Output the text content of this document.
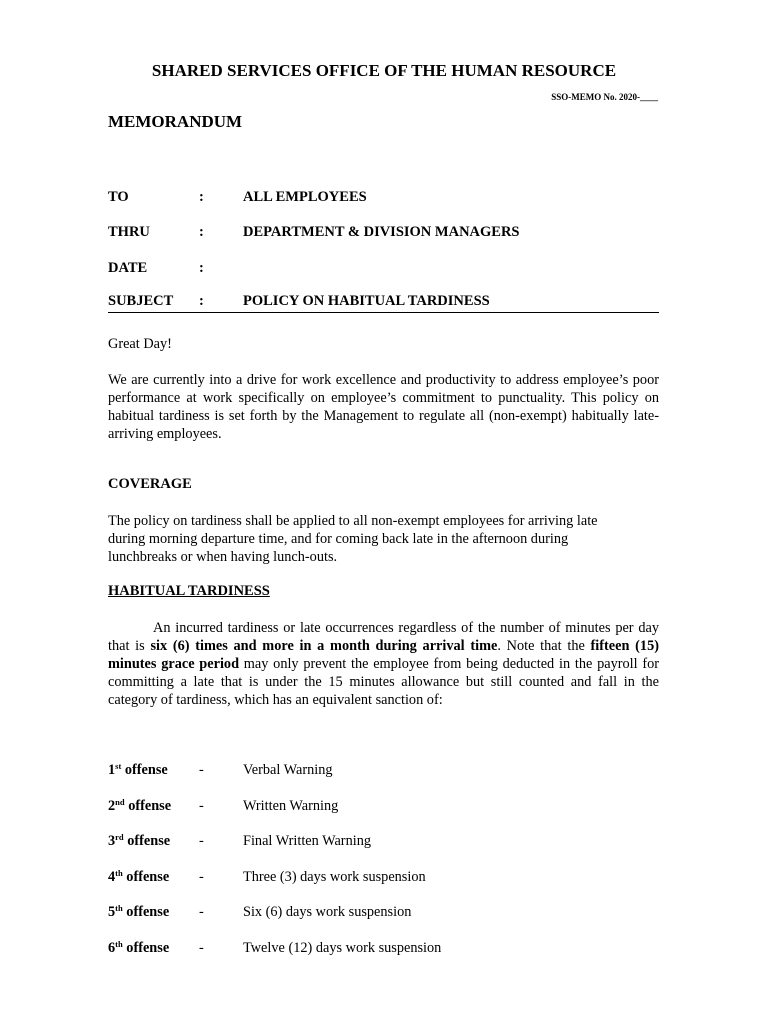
SHARED SERVICES OFFICE OF THE HUMAN RESOURCE
SSO-MEMO No. 2020-____
MEMORANDUM
TO	:	ALL EMPLOYEES
THRU	:	DEPARTMENT & DIVISION MANAGERS
DATE	:
SUBJECT :	POLICY ON HABITUAL TARDINESS
Great Day!
We are currently into a drive for work excellence and productivity to address employee’s poor performance at work specifically on employee’s commitment to punctuality. This policy on habitual tardiness is set forth by the Management to regulate all (non-exempt) habitually late-arriving employees.
COVERAGE
The policy on tardiness shall be applied to all non-exempt employees for arriving late
during morning departure time, and for coming back late in the afternoon during
lunchbreaks or when having lunch-outs.
HABITUAL TARDINESS
An incurred tardiness or late occurrences regardless of the number of minutes per day that is six (6) times and more in a month during arrival time. Note that the fifteen (15) minutes grace period may only prevent the employee from being deducted in the payroll for committing a late that is under the 15 minutes allowance but still counted and fall in the category of tardiness, which has an equivalent sanction of:
1st offense -	Verbal Warning
2nd offense -	Written Warning
3rd offense -	Final Written Warning
4th offense -	Three (3) days work suspension
5th offense -	Six (6) days work suspension
6th offense -	Twelve (12) days work suspension
